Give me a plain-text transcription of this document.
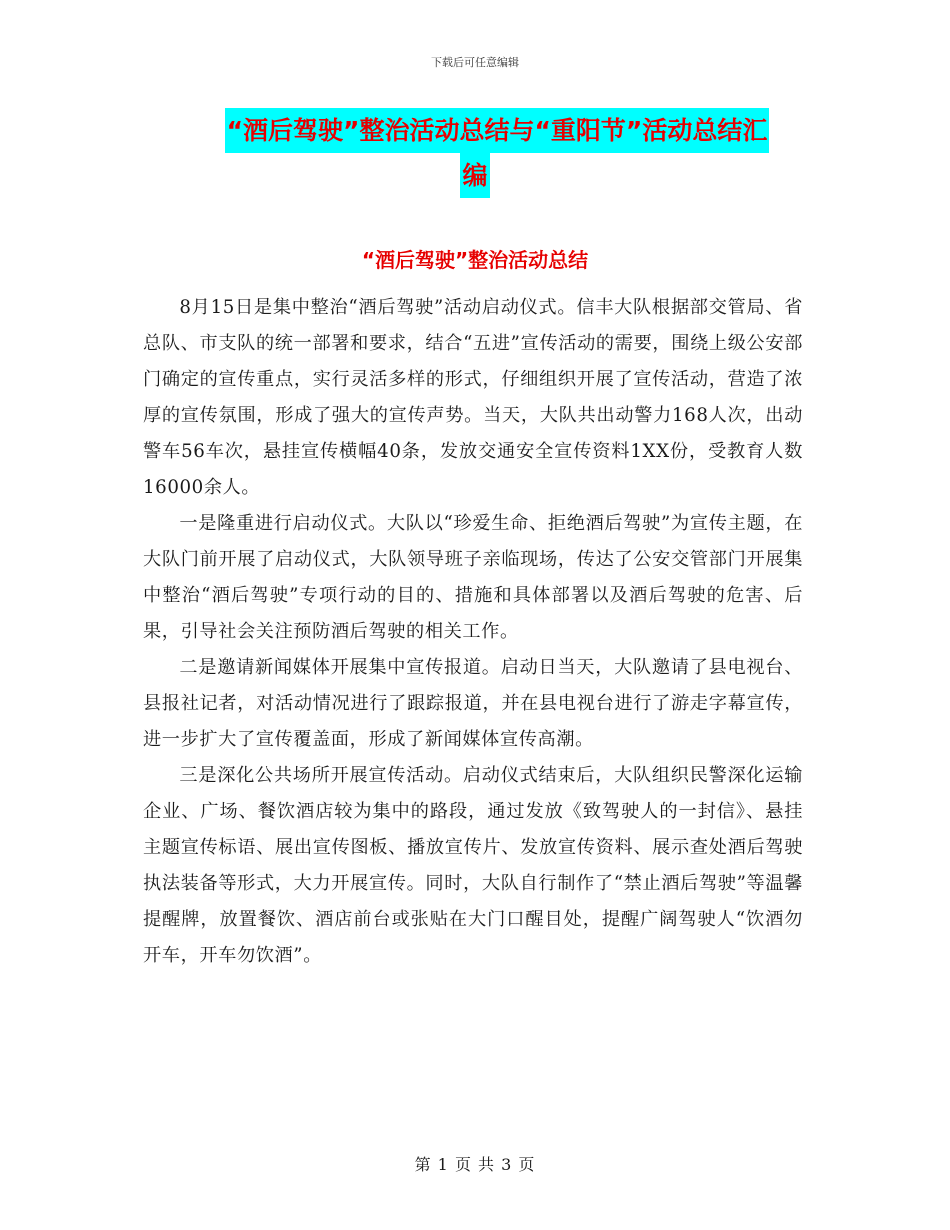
下载后可任意编辑
“酒后驾驶”整治活动总结与“重阳节”活动总结汇
编
“酒后驾驶”整治活动总结

8月15日是集中整治“酒后驾驶”活动启动仪式。信丰大队根据部交管局、省总队、市支队的统一部署和要求，结合“五进”宣传活动的需要，围绕上级公安部门确定的宣传重点，实行灵活多样的形式，仔细组织开展了宣传活动，营造了浓厚的宣传氛围，形成了强大的宣传声势。当天，大队共出动警力168人次，出动警车56车次，悬挂宣传横幅40条，发放交通安全宣传资料1XX份，受教育人数16000余人。

一是隆重进行启动仪式。大队以“珍爱生命、拒绝酒后驾驶”为宣传主题，在大队门前开展了启动仪式，大队领导班子亲临现场，传达了公安交管部门开展集中整治“酒后驾驶”专项行动的目的、措施和具体部署以及酒后驾驶的危害、后果，引导社会关注预防酒后驾驶的相关工作。

二是邀请新闻媒体开展集中宣传报道。启动日当天，大队邀请了县电视台、县报社记者，对活动情况进行了跟踪报道，并在县电视台进行了游走字幕宣传，进一步扩大了宣传覆盖面，形成了新闻媒体宣传高潮。

三是深化公共场所开展宣传活动。启动仪式结束后，大队组织民警深化运输企业、广场、餐饮酒店较为集中的路段，通过发放《致驾驶人的一封信》、悬挂主题宣传标语、展出宣传图板、播放宣传片、发放宣传资料、展示查处酒后驾驶执法装备等形式，大力开展宣传。同时，大队自行制作了“禁止酒后驾驶”等温馨提醒牌，放置餐饮、酒店前台或张贴在大门口醒目处，提醒广阔驾驶人“饮酒勿开车，开车勿饮酒”。

第 1 页 共 3 页
